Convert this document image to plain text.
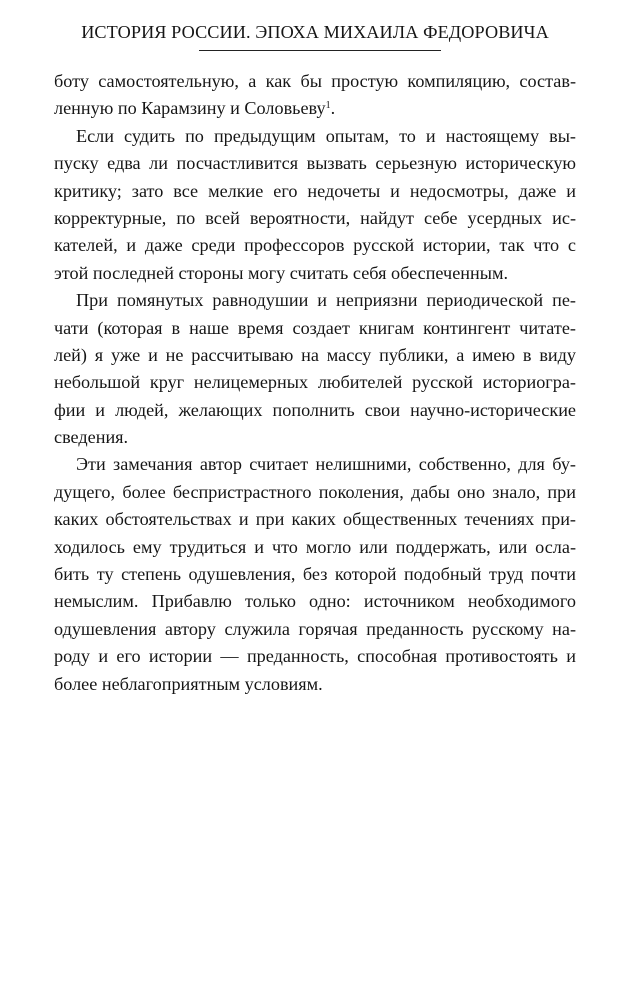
ИСТОРИЯ РОССИИ. ЭПОХА МИХАИЛА ФЕДОРОВИЧА
боту самостоятельную, а как бы простую компиляцию, состав-
ленную по Карамзину и Соловьеву$^1$.
Если судить по предыдущим опытам, то и настоящему вы-
пуску едва ли посчастливится вызвать серьезную историческую
критику; зато все мелкие его недочеты и недосмотры, даже и
корректурные, по всей вероятности, найдут себе усердных ис-
кателей, и даже среди профессоров русской истории, так что с
этой последней стороны могу считать себя обеспеченным.
При помянутых равнодушии и неприязни периодической пе-
чати (которая в наше время создает книгам контингент читате-
лей) я уже и не рассчитываю на массу публики, а имею в виду
небольшой круг нелицемерных любителей русской историогра-
фии и людей, желающих пополнить свои научно-исторические
сведения.
Эти замечания автор считает нелишними, собственно, для бу-
дущего, более беспристрастного поколения, дабы оно знало, при
каких обстоятельствах и при каких общественных течениях при-
ходилось ему трудиться и что могло или поддержать, или осла-
бить ту степень одушевления, без которой подобный труд почти
немыслим. Прибавлю только одно: источником необходимого
одушевления автору служила горячая преданность русскому на-
роду и его истории — преданность, способная противостоять и
более неблагоприятным условиям.
